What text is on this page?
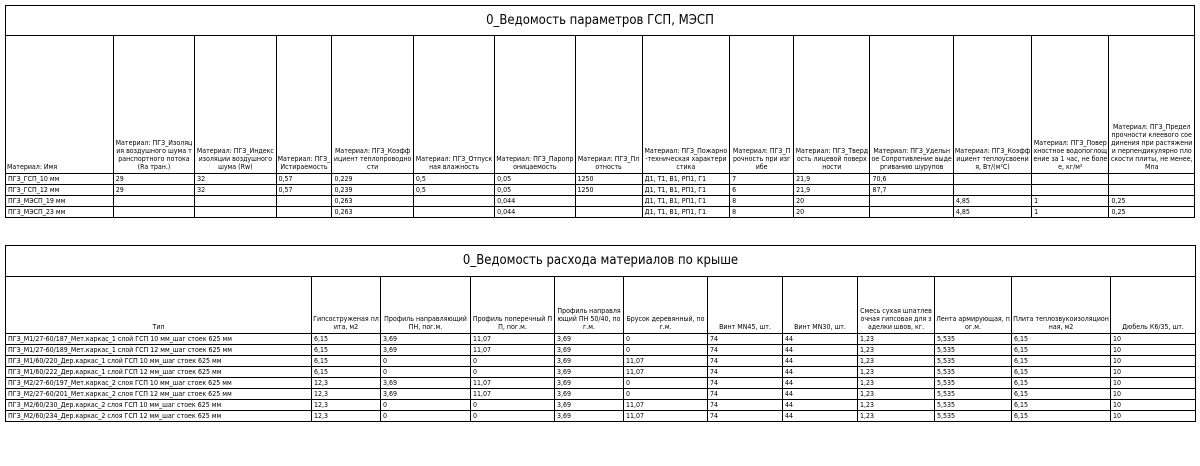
0_Ведомость параметров ГСП, МЭСП														
Материал: Имя	Материал: ПГЗ_Изоляция воздушного шума транспортного потока (Ra тран.)	Материал: ПГЗ_Индекс изоляции воздушного шума (Rw)	Материал: ПГЗ_Истираемость	Материал: ПГЗ_Коэффициент теплопроводности	Материал: ПГЗ_Отпускная влажность	Материал: ПГЗ_Паропроницаемость	Материал: ПГЗ_Плотность	Материал: ПГЗ_Пожарно-техническая характеристика	Материал: ПГЗ_Прочность при изгибе	Материал: ПГЗ_Твердость лицевой поверхности	Материал: ПГЗ_Удельное Сопротивление выдергиванию шурупов	Материал: ПГЗ_Коэффициент теплоусвоения, Вт/(м²С)	Материал: ПГЗ_Поверхностное водопоглощение за 1 час, не более, кг/м²	Материал: ПГЗ_Предел прочности клеевого соединения при растяжении перпендикулярно плоскости плиты, не менее, Мпа
ПГЗ_ГСП_10 мм	29	32	0,57	0,229	0,5	0,05	1250	Д1, Т1, В1, РП1, Г1	7	21,9	70,6			
ПГЗ_ГСП_12 мм	29	32	0,57	0,239	0,5	0,05	1250	Д1, Т1, В1, РП1, Г1	6	21,9	87,7			
ПГЗ_МЭСП_19 мм				0,263		0,044		Д1, Т1, В1, РП1, Г1	8	20		4,85	1	0,25
ПГЗ_МЭСП_23 мм				0,263		0,044		Д1, Т1, В1, РП1, Г1	8	20		4,85	1	0,25
0_Ведомость расхода материалов по крыше											
Тип	Гипсоструженая плита, м2	Профиль направляющий ПН, пог.м.	Профиль поперечный ПП, пог.м.	Профиль направляющий ПН 50/40, пог.м.	Брусок деревянный, пог.м.	Винт MN45, шт.	Винт MN30, шт.	Смесь сухая шпатлевочная гипсовая для заделки швов, кг.	Лента армирующая, пог.м.	Плита теплозвукоизоляционная, м2	Дюбель К6/35, шт.
ПГЗ_М1/27-60/187_Мет.каркас_1 слой ГСП 10 мм_шаг стоек 625 мм	6,15	3,69	11,07	3,69	0	74	44	1,23	5,535	6,15	10
ПГЗ_М1/27-60/189_Мет.каркас_1 слой ГСП 12 мм_шаг стоек 625 мм	6,15	3,69	11,07	3,69	0	74	44	1,23	5,535	6,15	10
ПГЗ_М1/60/220_Дер.каркас_1 слой ГСП 10 мм_шаг стоек 625 мм	6,15	0	0	3,69	11,07	74	44	1,23	5,535	6,15	10
ПГЗ_М1/60/222_Дер.каркас_1 слой ГСП 12 мм_шаг стоек 625 мм	6,15	0	0	3,69	11,07	74	44	1,23	5,535	6,15	10
ПГЗ_М2/27-60/197_Мет.каркас_2 слоя ГСП 10 мм_шаг стоек 625 мм	12,3	3,69	11,07	3,69	0	74	44	1,23	5,535	6,15	10
ПГЗ_М2/27-60/201_Мет.каркас_2 слоя ГСП 12 мм_шаг стоек 625 мм	12,3	3,69	11,07	3,69	0	74	44	1,23	5,535	6,15	10
ПГЗ_М2/60/230_Дер.каркас_2 слоя ГСП 10 мм_шаг стоек 625 мм	12,3	0	0	3,69	11,07	74	44	1,23	5,535	6,15	10
ПГЗ_М2/60/234_Дер.каркас_2 слоя ГСП 12 мм_шаг стоек 625 мм	12,3	0	0	3,69	11,07	74	44	1,23	5,535	6,15	10
